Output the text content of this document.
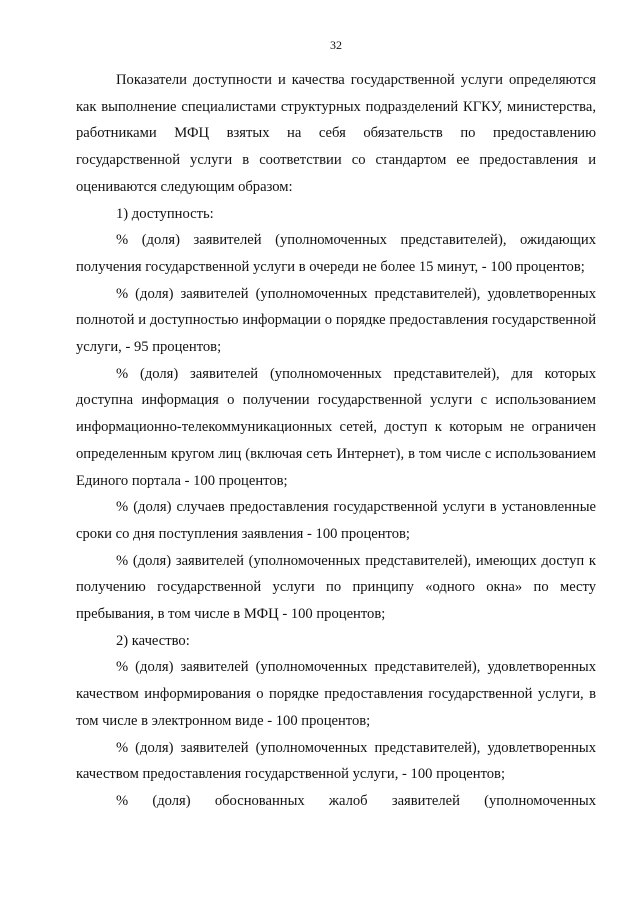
32

Показатели доступности и качества государственной услуги определяются как выполнение специалистами структурных подразделений КГКУ, министерства, работниками МФЦ взятых на себя обязательств по предоставлению государственной услуги в соответствии со стандартом ее предоставления и оцениваются следующим образом:

1) доступность:

% (доля) заявителей (уполномоченных представителей), ожидающих получения государственной услуги в очереди не более 15 минут, - 100 процентов;

% (доля) заявителей (уполномоченных представителей), удовлетворенных полнотой и доступностью информации о порядке предоставления государственной услуги, - 95 процентов;

% (доля) заявителей (уполномоченных представителей), для которых доступна информация о получении государственной услуги с использованием информационно-телекоммуникационных сетей, доступ к которым не ограничен определенным кругом лиц (включая сеть Интернет), в том числе с использованием Единого портала - 100 процентов;

% (доля) случаев предоставления государственной услуги в установленные сроки со дня поступления заявления - 100 процентов;

% (доля) заявителей (уполномоченных представителей), имеющих доступ к получению государственной услуги по принципу «одного окна» по месту пребывания, в том числе в МФЦ - 100 процентов;

2) качество:

% (доля) заявителей (уполномоченных представителей), удовлетворенных качеством информирования о порядке предоставления государственной услуги, в том числе в электронном виде - 100 процентов;

% (доля) заявителей (уполномоченных представителей), удовлетворенных качеством предоставления государственной услуги, - 100 процентов;

% (доля) обоснованных жалоб заявителей (уполномоченных
